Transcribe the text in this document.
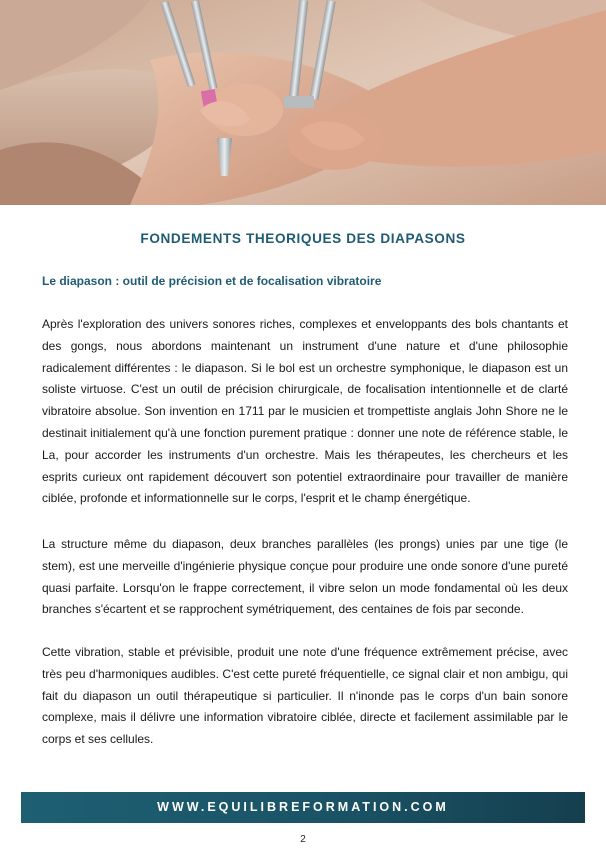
FONDEMENTS THEORIQUES DES DIAPASONS
Le diapason : outil de précision et de focalisation vibratoire

Après l'exploration des univers sonores riches, complexes et enveloppants des bols chantants et des gongs, nous abordons maintenant un instrument d'une nature et d'une philosophie radicalement différentes : le diapason. Si le bol est un orchestre symphonique, le diapason est un soliste virtuose. C'est un outil de précision chirurgicale, de focalisation intentionnelle et de clarté vibratoire absolue. Son invention en 1711 par le musicien et trompettiste anglais John Shore ne le destinait initialement qu'à une fonction purement pratique : donner une note de référence stable, le La, pour accorder les instruments d'un orchestre. Mais les thérapeutes, les chercheurs et les esprits curieux ont rapidement découvert son potentiel extraordinaire pour travailler de manière ciblée, profonde et informationnelle sur le corps, l'esprit et le champ énergétique.

La structure même du diapason, deux branches parallèles (les prongs) unies par une tige (le stem), est une merveille d'ingénierie physique conçue pour produire une onde sonore d'une pureté quasi parfaite. Lorsqu'on le frappe correctement, il vibre selon un mode fondamental où les deux branches s'écartent et se rapprochent symétriquement, des centaines de fois par seconde.

Cette vibration, stable et prévisible, produit une note d'une fréquence extrêmement précise, avec très peu d'harmoniques audibles. C'est cette pureté fréquentielle, ce signal clair et non ambigu, qui fait du diapason un outil thérapeutique si particulier. Il n'inonde pas le corps d'un bain sonore complexe, mais il délivre une information vibratoire ciblée, directe et facilement assimilable par le corps et ses cellules.

WWW.EQUILIBREFORMATION.COM
2
